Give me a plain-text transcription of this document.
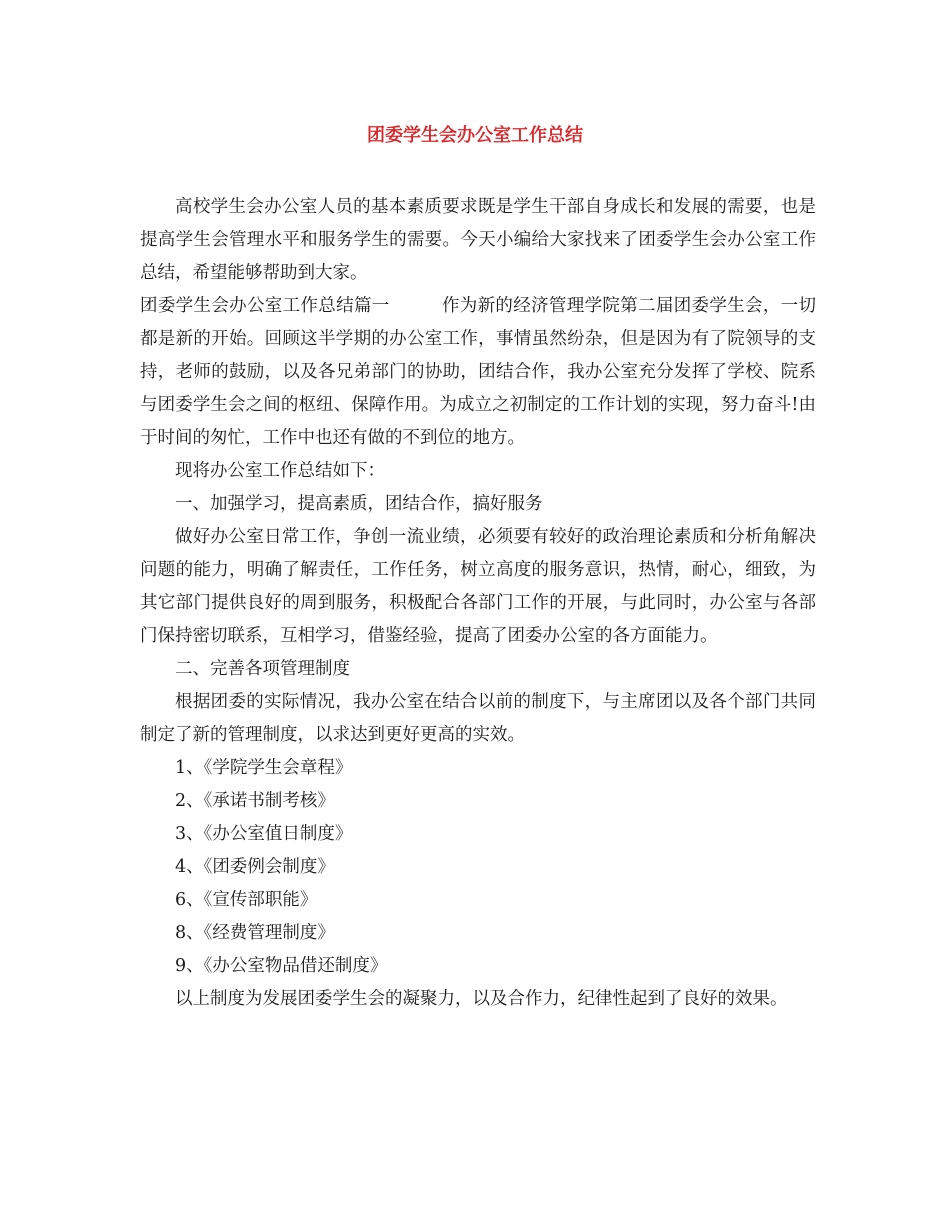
团委学生会办公室工作总结

高校学生会办公室人员的基本素质要求既是学生干部自身成长和发展的需要，也是提高学生会管理水平和服务学生的需要。今天小编给大家找来了团委学生会办公室工作总结，希望能够帮助到大家。

团委学生会办公室工作总结篇一	作为新的经济管理学院第二届团委学生会，一切都是新的开始。回顾这半学期的办公室工作，事情虽然纷杂，但是因为有了院领导的支持，老师的鼓励，以及各兄弟部门的协助，团结合作，我办公室充分发挥了学校、院系与团委学生会之间的枢纽、保障作用。为成立之初制定的工作计划的实现，努力奋斗!由于时间的匆忙，工作中也还有做的不到位的地方。

现将办公室工作总结如下：

一、加强学习，提高素质，团结合作，搞好服务

做好办公室日常工作，争创一流业绩，必须要有较好的政治理论素质和分析角解决问题的能力，明确了解责任，工作任务，树立高度的服务意识，热情，耐心，细致，为其它部门提供良好的周到服务，积极配合各部门工作的开展，与此同时，办公室与各部门保持密切联系，互相学习，借鉴经验，提高了团委办公室的各方面能力。

二、完善各项管理制度

根据团委的实际情况，我办公室在结合以前的制度下，与主席团以及各个部门共同制定了新的管理制度，以求达到更好更高的实效。

1、《学院学生会章程》

2、《承诺书制考核》

3、《办公室值日制度》

4、《团委例会制度》

6、《宣传部职能》

8、《经费管理制度》

9、《办公室物品借还制度》

以上制度为发展团委学生会的凝聚力，以及合作力，纪律性起到了良好的效果。
